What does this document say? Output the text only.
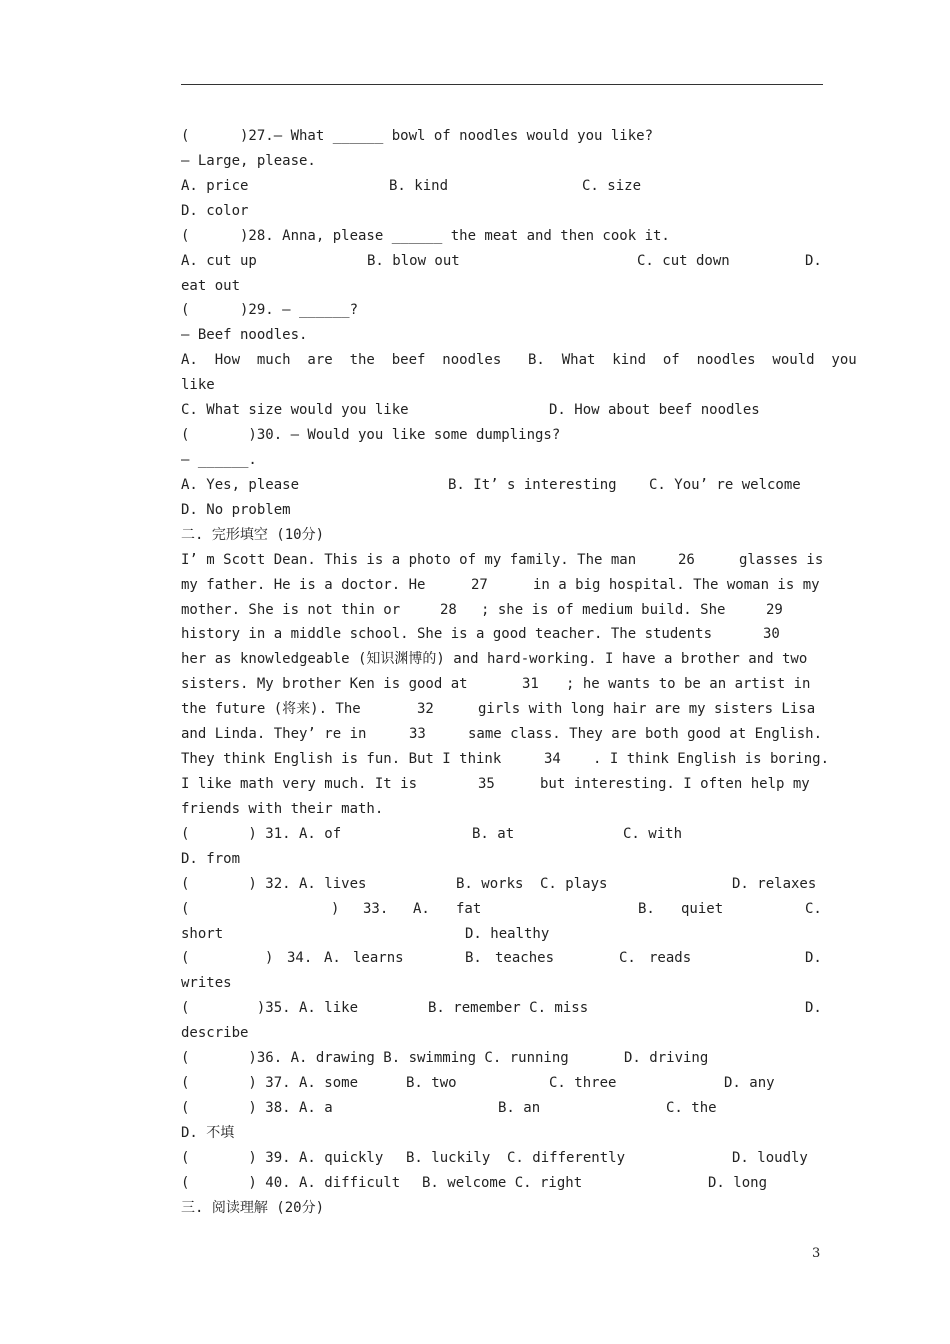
(      )27.— What ______ bowl of noodles would you like?

— Large, please.

A. price

	B. kind

	C. size

D. color

(      )28. Anna, please ______ the meat and then cook it.

A. cut up

	B. blow out

	C. cut down

	D.

eat out

(      )29. — ______?

— Beef noodles.

A.  How  much  are  the  beef  noodles

B.  What  kind  of  noodles  would  you

like

C. What size would you like

	D. How about beef noodles

(       )30. — Would you like some dumplings?

— ______.

A. Yes, please

	B. It’ s interesting

C. You’ re welcome

D. No problem

二. 完形填空 (10分)

I’ m Scott Dean. This is a photo of my family. The man

	26

	glasses is

my father. He is a doctor. He

	27

	in a big hospital. The woman is my

mother. She is not thin or

	28

; she is of medium build. She

	29

history in a middle school. She is a good teacher. The students

	30

her as knowledgeable (知识渊博的) and hard-working. I have a brother and two

sisters. My brother Ken is good at

	31

; he wants to be an artist in

the future (将来). The

	32

	girls with long hair are my sisters Lisa

and Linda. They’ re in

	33

	same class. They are both good at English.

They think English is fun. But I think

	34

. I think English is boring.

I like math very much. It is

	35

	but interesting. I often help my

friends with their math.

(       ) 31. A. of

	B. at

	C. with

D. from

(       ) 32. A. lives

	B. works

C. plays

	D. relaxes

(

	)

33.

A.

fat

	B.

quiet

	C.

short

	D. healthy

(

	)

34.

A.

learns

	B.

teaches

	C.

reads

	D.

writes

(        )35. A. like

	B. remember C. miss

	D.

describe

(       )36. A. drawing B. swimming C. running

	D. driving

(       ) 37. A. some

	B. two

	C. three

	D. any

(       ) 38. A. a

	B. an

	C. the

D. 不填

(       ) 39. A. quickly

B. luckily

C. differently

	D. loudly

(       ) 40. A. difficult

B. welcome C. right

	D. long

三. 阅读理解 (20分)

3
